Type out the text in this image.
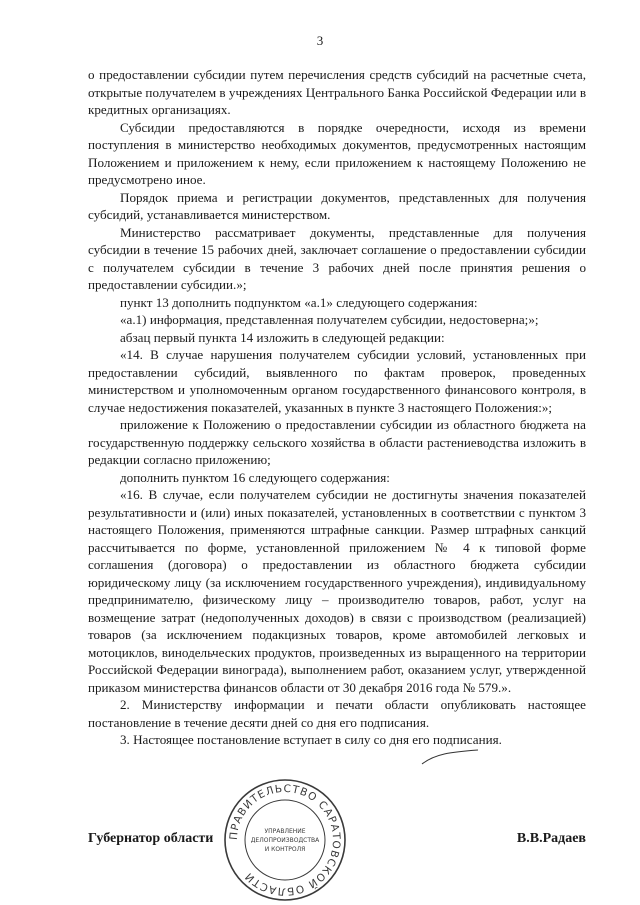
3

о предоставлении субсидии путем перечисления средств субсидий на расчетные счета, открытые получателем в учреждениях Центрального Банка Российской Федерации или в кредитных организациях.

Субсидии предоставляются в порядке очередности, исходя из времени поступления в министерство необходимых документов, предусмотренных настоящим Положением и приложением к нему, если приложением к настоящему Положению не предусмотрено иное.

Порядок приема и регистрации документов, представленных для получения субсидий, устанавливается министерством.

Министерство рассматривает документы, представленные для получения субсидии в течение 15 рабочих дней, заключает соглашение о предоставлении субсидии с получателем субсидии в течение 3 рабочих дней после принятия решения о предоставлении субсидии.»;

пункт 13 дополнить подпунктом «а.1» следующего содержания:

«а.1) информация, представленная получателем субсидии, недостоверна;»;

абзац первый пункта 14 изложить в следующей редакции:

«14. В случае нарушения получателем субсидии условий, установленных при предоставлении субсидий, выявленного по фактам проверок, проведенных министерством и уполномоченным органом государственного финансового контроля, в случае недостижения показателей, указанных в пункте 3 настоящего Положения:»;

приложение к Положению о предоставлении субсидии из областного бюджета на государственную поддержку сельского хозяйства в области растениеводства изложить в редакции согласно приложению;

дополнить пунктом 16 следующего содержания:

«16. В случае, если получателем субсидии не достигнуты значения показателей результативности и (или) иных показателей, установленных в соответствии с пунктом 3 настоящего Положения, применяются штрафные санкции. Размер штрафных санкций рассчитывается по форме, установленной приложением № 4 к типовой форме соглашения (договора) о предоставлении из областного бюджета субсидии юридическому лицу (за исключением государственного учреждения), индивидуальному предпринимателю, физическому лицу – производителю товаров, работ, услуг на возмещение затрат (недополученных доходов) в связи с производством (реализацией) товаров (за исключением подакцизных товаров, кроме автомобилей легковых и мотоциклов, винодельческих продуктов, произведенных из выращенного на территории Российской Федерации винограда), выполнением работ, оказанием услуг, утвержденной приказом министерства финансов области от 30 декабря 2016 года № 579.».

2. Министерству информации и печати области опубликовать настоящее постановление в течение десяти дней со дня его подписания.

3. Настоящее постановление вступает в силу со дня его подписания.

Губернатор области	В.В.Радаев
ПРАВИТЕЛЬСТВО САРАТОВСКОЙ ОБЛАСТИ
УПРАВЛЕНИЕ
ДЕЛОПРОИЗВОДСТВА
И КОНТРОЛЯ
